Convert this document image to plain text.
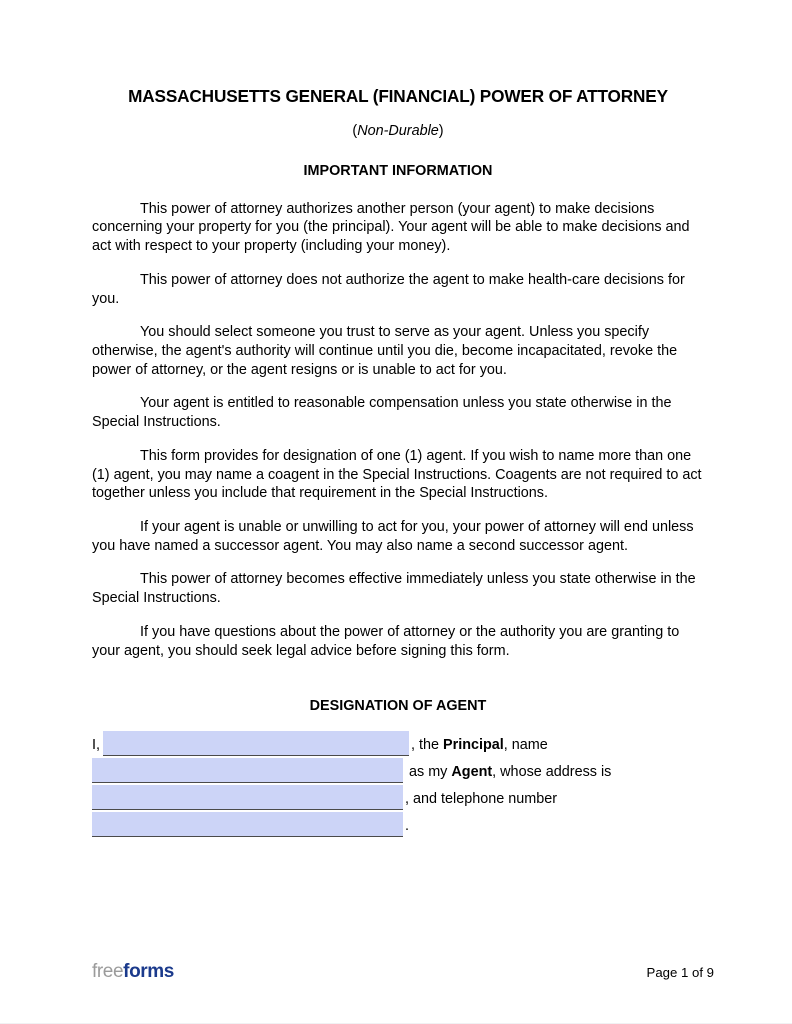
MASSACHUSETTS GENERAL (FINANCIAL) POWER OF ATTORNEY
(Non-Durable)
IMPORTANT INFORMATION

This power of attorney authorizes another person (your agent) to make decisions concerning your property for you (the principal). Your agent will be able to make decisions and act with respect to your property (including your money).

This power of attorney does not authorize the agent to make health-care decisions for you.

You should select someone you trust to serve as your agent. Unless you specify otherwise, the agent's authority will continue until you die, become incapacitated, revoke the power of attorney, or the agent resigns or is unable to act for you.

Your agent is entitled to reasonable compensation unless you state otherwise in the Special Instructions.

This form provides for designation of one (1) agent. If you wish to name more than one (1) agent, you may name a coagent in the Special Instructions. Coagents are not required to act together unless you include that requirement in the Special Instructions.

If your agent is unable or unwilling to act for you, your power of attorney will end unless you have named a successor agent. You may also name a second successor agent.

This power of attorney becomes effective immediately unless you state otherwise in the Special Instructions.

If you have questions about the power of attorney or the authority you are granting to your agent, you should seek legal advice before signing this form.

DESIGNATION OF AGENT
I,	, the Principal, name
as my Agent, whose address is
, and telephone number
.
freeforms	Page 1 of 9
